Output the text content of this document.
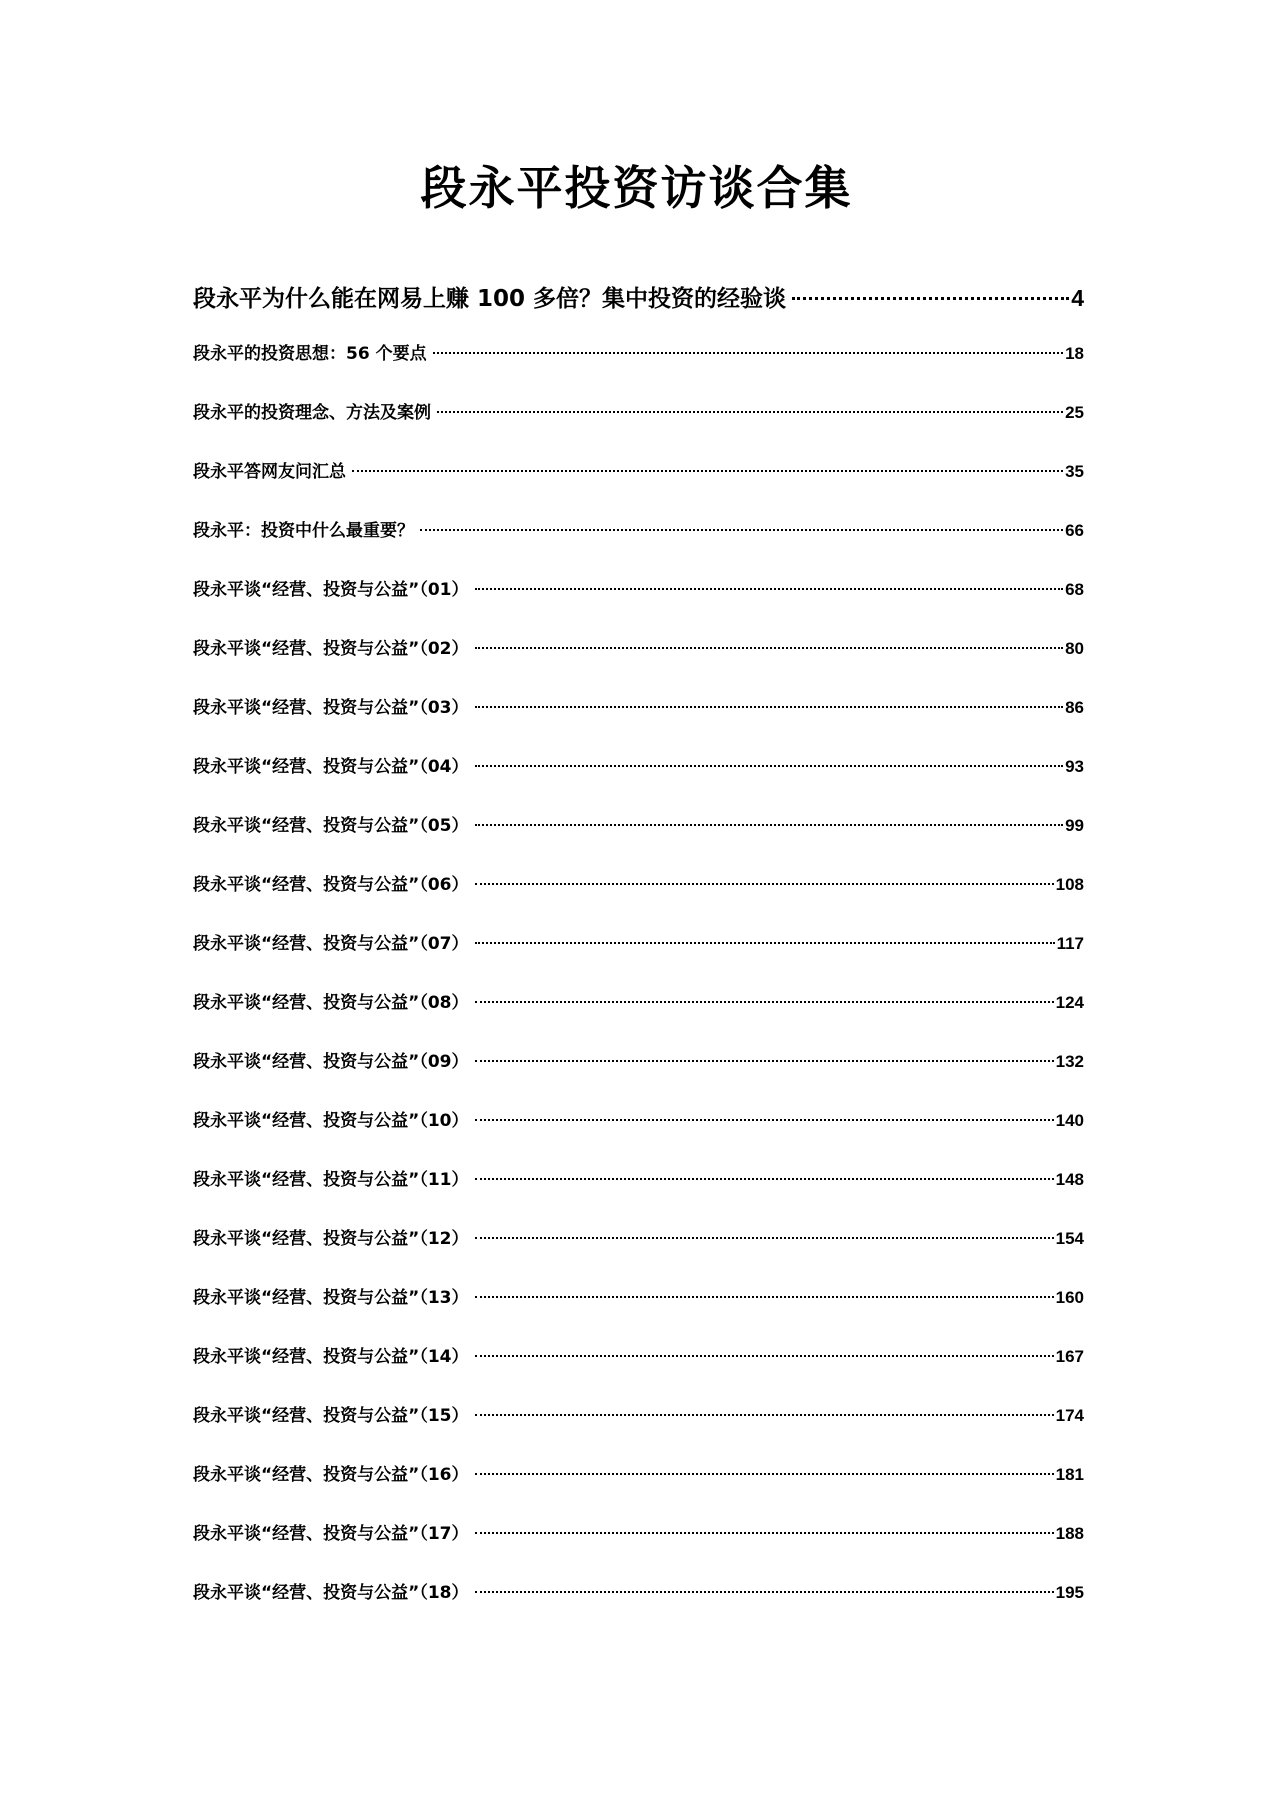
段永平投资访谈合集
段永平为什么能在网易上赚 100 多倍？集中投资的经验谈	4
段永平的投资思想：56 个要点	18
段永平的投资理念、方法及案例	25
段永平答网友问汇总	35
段永平：投资中什么最重要？	66
段永平谈“经营、投资与公益”（01）	68
段永平谈“经营、投资与公益”（02）	80
段永平谈“经营、投资与公益”（03）	86
段永平谈“经营、投资与公益”（04）	93
段永平谈“经营、投资与公益”（05）	99
段永平谈“经营、投资与公益”（06）	108
段永平谈“经营、投资与公益”（07）	117
段永平谈“经营、投资与公益”（08）	124
段永平谈“经营、投资与公益”（09）	132
段永平谈“经营、投资与公益”（10）	140
段永平谈“经营、投资与公益”（11）	148
段永平谈“经营、投资与公益”（12）	154
段永平谈“经营、投资与公益”（13）	160
段永平谈“经营、投资与公益”（14）	167
段永平谈“经营、投资与公益”（15）	174
段永平谈“经营、投资与公益”（16）	181
段永平谈“经营、投资与公益”（17）	188
段永平谈“经营、投资与公益”（18）	195
